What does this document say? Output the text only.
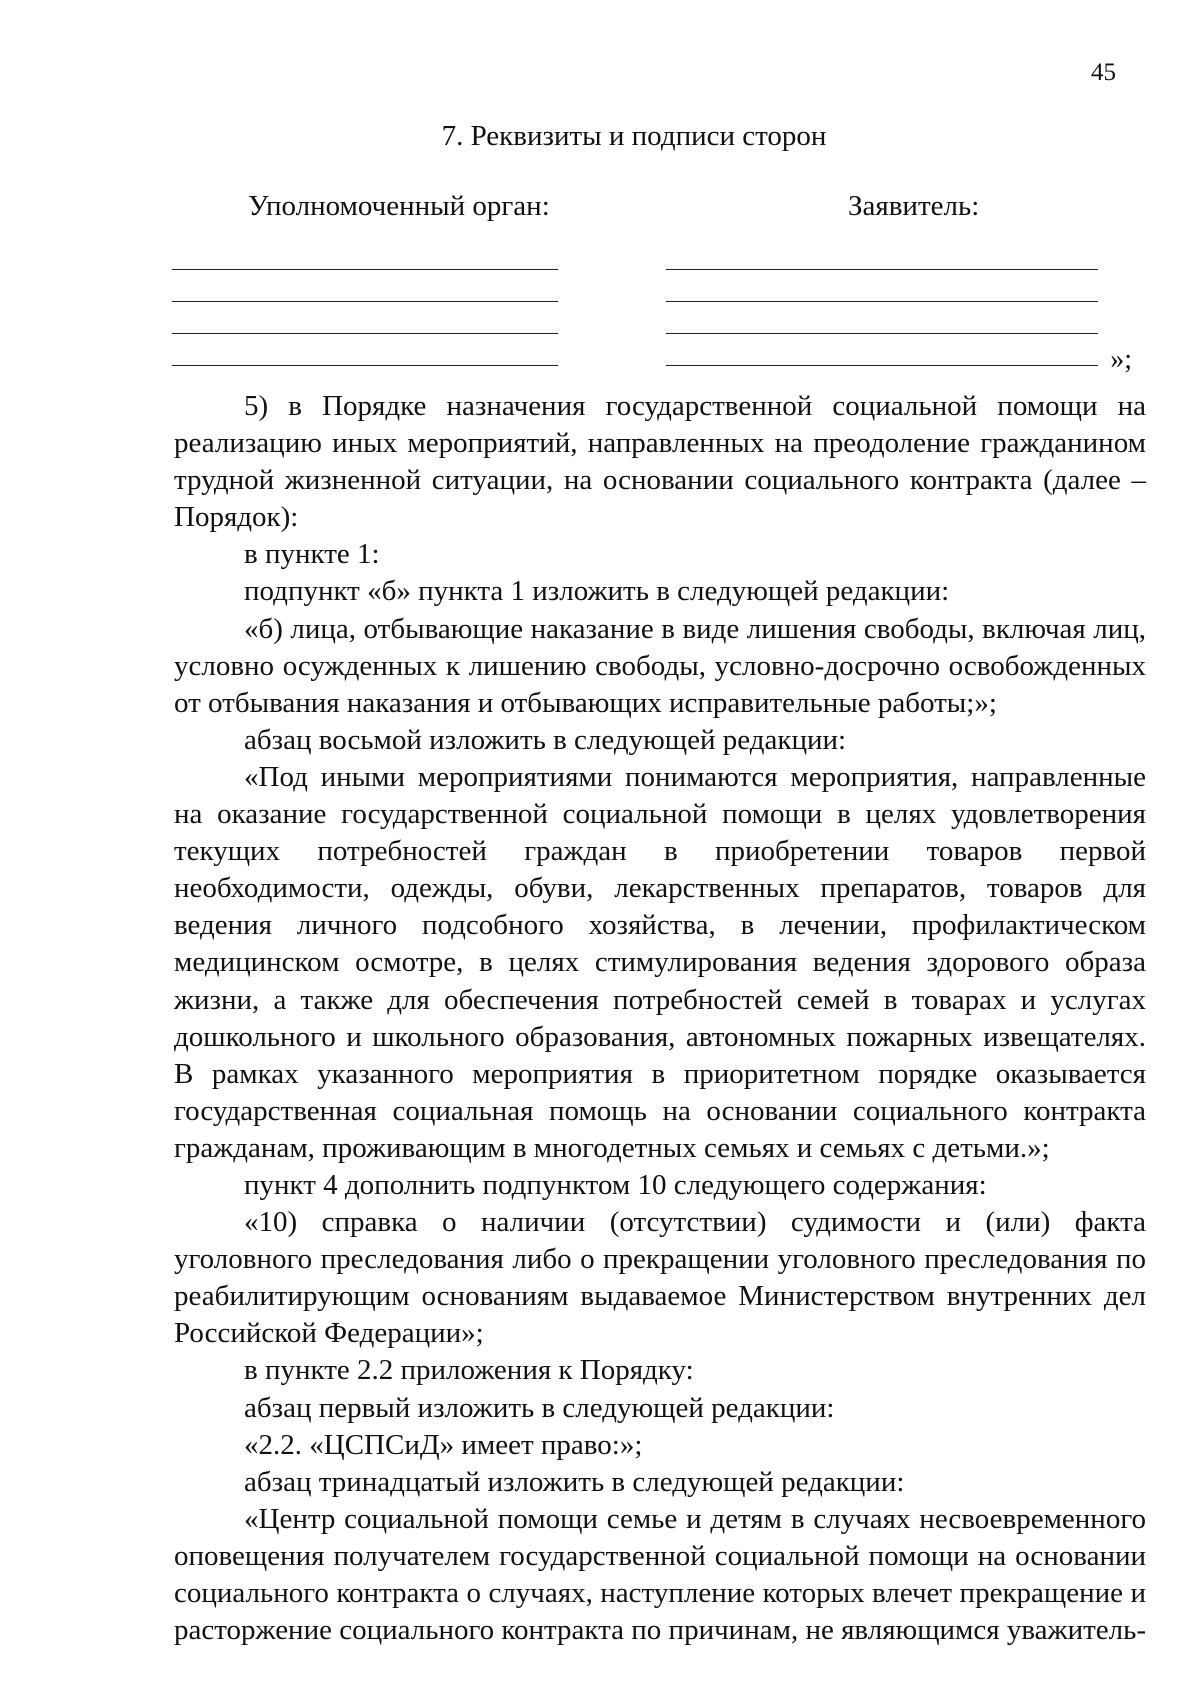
45
7. Реквизиты и подписи сторон
Уполномоченный орган:	Заявитель:
»;

5) в Порядке назначения государственной социальной помощи на реализацию иных мероприятий, направленных на преодоление гражданином трудной жизненной ситуации, на основании социального контракта (далее – Порядок):

в пункте 1:

подпункт «б» пункта 1 изложить в следующей редакции:

«б) лица, отбывающие наказание в виде лишения свободы, включая лиц, условно осужденных к лишению свободы, условно-досрочно освобожденных от отбывания наказания и отбывающих исправительные работы;»;

абзац восьмой изложить в следующей редакции:

«Под иными мероприятиями понимаются мероприятия, направленные на оказание государственной социальной помощи в целях удовлетворения текущих потребностей граждан в приобретении товаров первой необходимости, одежды, обуви, лекарственных препаратов, товаров для ведения личного подсобного хозяйства, в лечении, профилактическом медицинском осмотре, в целях стимулирования ведения здорового образа жизни, а также для обеспечения потребностей семей в товарах и услугах дошкольного и школьного образования, автономных пожарных извещателях. В рамках указанного мероприятия в приоритетном порядке оказывается государственная социальная помощь на основании социального контракта гражданам, проживающим в многодетных семьях и семьях с детьми.»;

пункт 4 дополнить подпунктом 10 следующего содержания:

«10) справка о наличии (отсутствии) судимости и (или) факта уголовного преследования либо о прекращении уголовного преследования по реабилитирующим основаниям выдаваемое Министерством внутренних дел Российской Федерации»;

в пункте 2.2 приложения к Порядку:

абзац первый изложить в следующей редакции:

«2.2. «ЦСПСиД» имеет право:»;

абзац тринадцатый изложить в следующей редакции:

«Центр социальной помощи семье и детям в случаях несвоевременного оповещения получателем государственной социальной помощи на основании социального контракта о случаях, наступление которых влечет прекращение и расторжение социального контракта по причинам, не являющимся уважитель-
